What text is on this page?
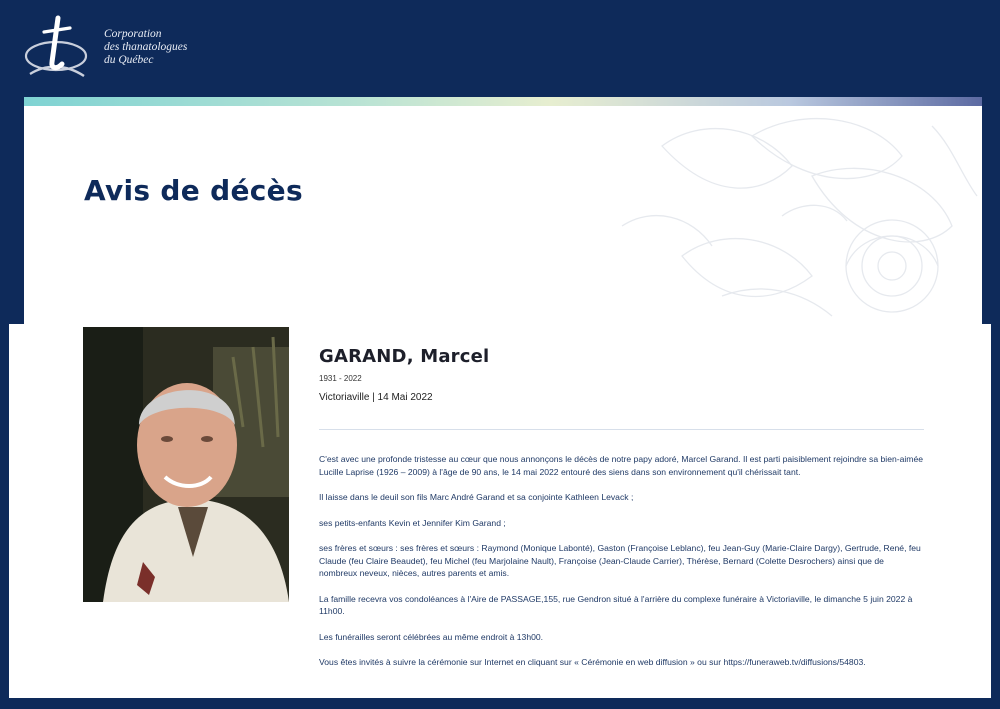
Corporation
des thanatologues
du Québec
Avis de décès
GARAND, Marcel
1931 - 2022
Victoriaville | 14 Mai 2022

C'est avec une profonde tristesse au cœur que nous annonçons le décès de notre papy adoré, Marcel Garand. Il est parti paisiblement rejoindre sa bien-aimée Lucille Laprise (1926 – 2009) à l'âge de 90 ans, le 14 mai 2022 entouré des siens dans son environnement qu'il chérissait tant.

Il laisse dans le deuil son fils Marc André Garand et sa conjointe Kathleen Levack ;

ses petits-enfants Kevin et Jennifer Kim Garand ;

ses frères et sœurs : ses frères et sœurs : Raymond (Monique Labonté), Gaston (Françoise Leblanc), feu Jean-Guy (Marie-Claire Dargy), Gertrude, René, feu Claude (feu Claire Beaudet), feu Michel (feu Marjolaine Nault), Françoise (Jean-Claude Carrier), Thérèse, Bernard (Colette Desrochers) ainsi que de nombreux neveux, nièces, autres parents et amis.

La famille recevra vos condoléances à l'Aire de PASSAGE,155, rue Gendron situé à l'arrière du complexe funéraire à Victoriaville, le dimanche 5 juin 2022 à 11h00.

Les funérailles seront célébrées au même endroit à 13h00.

Vous êtes invités à suivre la cérémonie sur Internet en cliquant sur « Cérémonie en web diffusion » ou sur https://funeraweb.tv/diffusions/54803.
